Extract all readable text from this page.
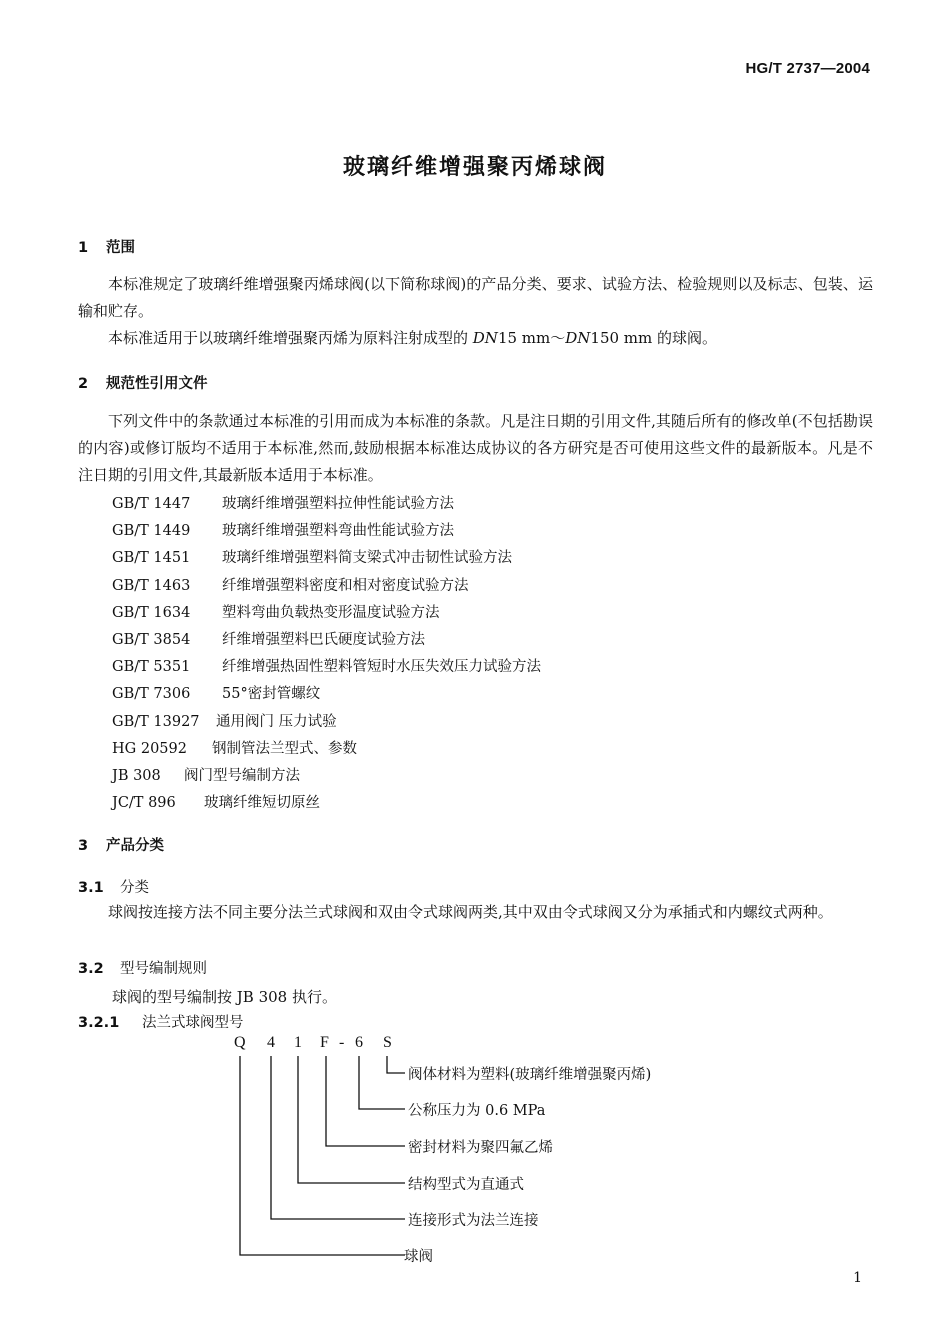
HG/T 2737—2004
玻璃纤维增强聚丙烯球阀
1 范围
本标准规定了玻璃纤维增强聚丙烯球阀(以下简称球阀)的产品分类、要求、试验方法、检验规则以及标志、包装、运输和贮存。
本标准适用于以玻璃纤维增强聚丙烯为原料注射成型的 DN15 mm～DN150 mm 的球阀。
2 规范性引用文件
下列文件中的条款通过本标准的引用而成为本标准的条款。凡是注日期的引用文件,其随后所有的修改单(不包括勘误的内容)或修订版均不适用于本标准,然而,鼓励根据本标准达成协议的各方研究是否可使用这些文件的最新版本。凡是不注日期的引用文件,其最新版本适用于本标准。
GB/T 1447 玻璃纤维增强塑料拉伸性能试验方法
GB/T 1449 玻璃纤维增强塑料弯曲性能试验方法
GB/T 1451 玻璃纤维增强塑料简支梁式冲击韧性试验方法
GB/T 1463 纤维增强塑料密度和相对密度试验方法
GB/T 1634 塑料弯曲负载热变形温度试验方法
GB/T 3854 纤维增强塑料巴氏硬度试验方法
GB/T 5351 纤维增强热固性塑料管短时水压失效压力试验方法
GB/T 7306 55°密封管螺纹
GB/T 13927 通用阀门 压力试验
HG 20592 钢制管法兰型式、参数
JB 308 阀门型号编制方法
JC/T 896 玻璃纤维短切原丝
3 产品分类
3.1 分类
球阀按连接方法不同主要分法兰式球阀和双由令式球阀两类,其中双由令式球阀又分为承插式和内螺纹式两种。
3.2 型号编制规则
球阀的型号编制按 JB 308 执行。
3.2.1 法兰式球阀型号
Q 4 1 F - 6 S
阀体材料为塑料(玻璃纤维增强聚丙烯)
公称压力为 0.6 MPa
密封材料为聚四氟乙烯
结构型式为直通式
连接形式为法兰连接
球阀
1
